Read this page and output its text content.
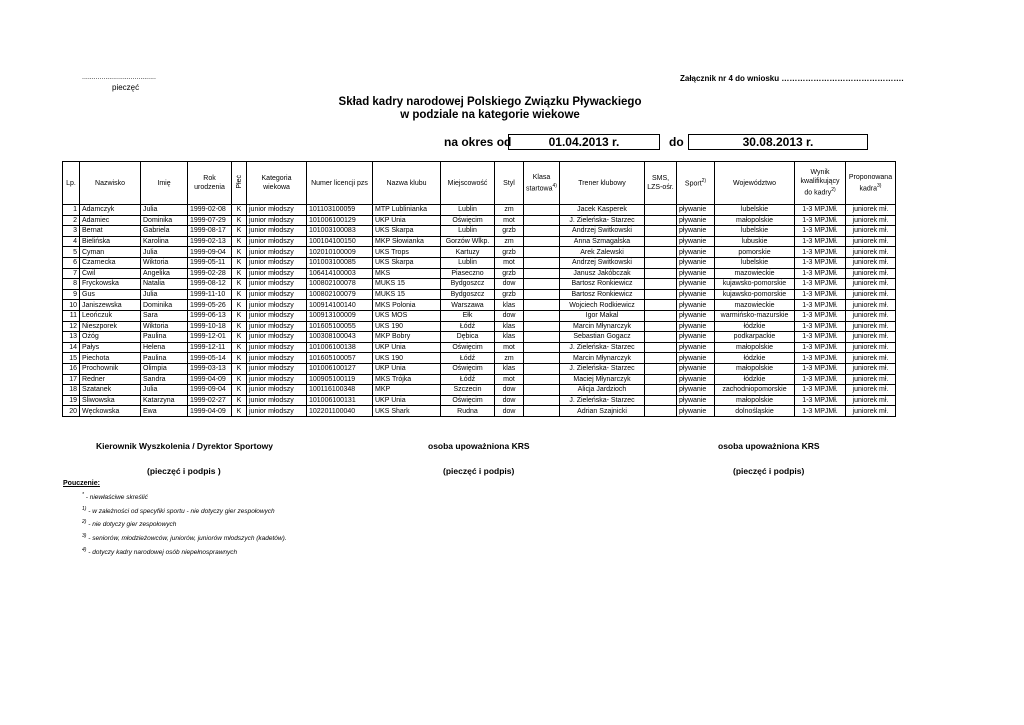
......................................
pieczęć
Załącznik nr 4 do wniosku ……………………………………….
Skład kadry narodowej Polskiego Związku Pływackiego
w podziale na kategorie wiekowe
na okres od	01.04.2013 r.	do	30.08.2013 r.
Lp.	Nazwisko	Imię	Rok urodzenia	Płeć	Kategoria wiekowa	Numer licencji pzs	Nazwa klubu	Miejscowość	Styl	Klasa startowa$^{4)}$	Trener klubowy	SMS, LZS-ośr.	Sport$^{2)}$	Województwo	Wynik kwalifikujący do kadry$^{2)}$	Proponowana kadra$^{3)}$
1	Adamczyk	Julia	1999-02-08	K	junior młodszy	101103100059	MTP Lublinianka	Lublin	zm		Jacek Kasperek		pływanie	lubelskie	1-3 MPJMł.	juniorek mł.
2	Adamiec	Dominika	1999-07-29	K	junior młodszy	101006100129	UKP Unia	Oświęcim	mot		J. Zieleńska- Starzec		pływanie	małopolskie	1-3 MPJMł.	juniorek mł.
3	Bernat	Gabriela	1999-08-17	K	junior młodszy	101003100083	UKS Skarpa	Lublin	grzb		Andrzej Świtkowski		pływanie	lubelskie	1-3 MPJMł.	juniorek mł.
4	Bielińska	Karolina	1999-02-13	K	junior młodszy	100104100150	MKP Słowianka	Gorzów Wlkp.	zm		Anna Szmagalska		pływanie	lubuskie	1-3 MPJMł.	juniorek mł.
5	Cyman	Julia	1999-09-04	K	junior młodszy	102010100009	UKS Trops	Kartuzy	grzb		Arek Zalewski		pływanie	pomorskie	1-3 MPJMł.	juniorek mł.
6	Czarnecka	Wiktoria	1999-05-11	K	junior młodszy	101003100085	UKS Skarpa	Lublin	mot		Andrzej Świtkowski		pływanie	lubelskie	1-3 MPJMł.	juniorek mł.
7	Ćwil	Angelika	1999-02-28	K	junior młodszy	106414100003	MKS	Piaseczno	grzb		Janusz Jakóbczak		pływanie	mazowieckie	1-3 MPJMł.	juniorek mł.
8	Fryckowska	Natalia	1999-08-12	K	junior młodszy	100802100078	MUKS 15	Bydgoszcz	dow		Bartosz Ronkiewicz		pływanie	kujawsko-pomorskie	1-3 MPJMł.	juniorek mł.
9	Gus	Julia	1999-11-10	K	junior młodszy	100802100079	MUKS 15	Bydgoszcz	grzb		Bartosz Ronkiewicz		pływanie	kujawsko-pomorskie	1-3 MPJMł.	juniorek mł.
10	Janiszewska	Dominika	1999-05-26	K	junior młodszy	100914100140	MKS Polonia	Warszawa	klas		Wojciech Rodkiewicz		pływanie	mazowieckie	1-3 MPJMł.	juniorek mł.
11	Leończuk	Sara	1999-06-13	K	junior młodszy	100913100009	UKS MOS	Ełk	dow		Igor Makal		pływanie	warmińsko-mazurskie	1-3 MPJMł.	juniorek mł.
12	Nieszporek	Wiktoria	1999-10-18	K	junior młodszy	101605100055	UKS 190	Łódź	klas		Marcin Młynarczyk		pływanie	łódzkie	1-3 MPJMł.	juniorek mł.
13	Ożóg	Paulina	1999-12-01	K	junior młodszy	100308100043	MKP Bobry	Dębica	klas		Sebastian Gogacz		pływanie	podkarpackie	1-3 MPJMł.	juniorek mł.
14	Pałys	Helena	1999-12-11	K	junior młodszy	101006100138	UKP Unia	Oświęcim	mot		J. Zieleńska- Starzec		pływanie	małopolskie	1-3 MPJMł.	juniorek mł.
15	Piechota	Paulina	1999-05-14	K	junior młodszy	101605100057	UKS 190	Łódź	zm		Marcin Młynarczyk		pływanie	łódzkie	1-3 MPJMł.	juniorek mł.
16	Prochownik	Olimpia	1999-03-13	K	junior młodszy	101006100127	UKP Unia	Oświęcim	klas		J. Zieleńska- Starzec		pływanie	małopolskie	1-3 MPJMł.	juniorek mł.
17	Redner	Sandra	1999-04-09	K	junior młodszy	100905100119	MKS Trójka	Łódź	mot		Maciej Młynarczyk		pływanie	łódzkie	1-3 MPJMł.	juniorek mł.
18	Szatanek	Julia	1999-09-04	K	junior młodszy	100116100348	MKP	Szczecin	dow		Alicja Jardzioch		pływanie	zachodniopomorskie	1-3 MPJMł.	juniorek mł.
19	Śliwowska	Katarzyna	1999-02-27	K	junior młodszy	101006100131	UKP Unia	Oświęcim	dow		J. Zieleńska- Starzec		pływanie	małopolskie	1-3 MPJMł.	juniorek mł.
20	Węckowska	Ewa	1999-04-09	K	junior młodszy	102201100040	UKS Shark	Rudna	dow		Adrian Szajnicki		pływanie	dolnośląskie	1-3 MPJMł.	juniorek mł.
Kierownik Wyszkolenia / Dyrektor Sportowy	osoba upoważniona KRS	osoba upoważniona KRS
(pieczęć i podpis )	(pieczęć i podpis)	(pieczęć i podpis)
Pouczenie:
* - niewłaściwe skreślić
$^{1)}$ - w zależności od specyfiki sportu - nie dotyczy gier zespołowych
$^{2)}$ - nie dotyczy gier zespołowych
$^{3)}$ - seniorów, młodzieżowców, juniorów, juniorów młodszych (kadetów).
$^{4)}$ - dotyczy kadry narodowej osób niepełnosprawnych
